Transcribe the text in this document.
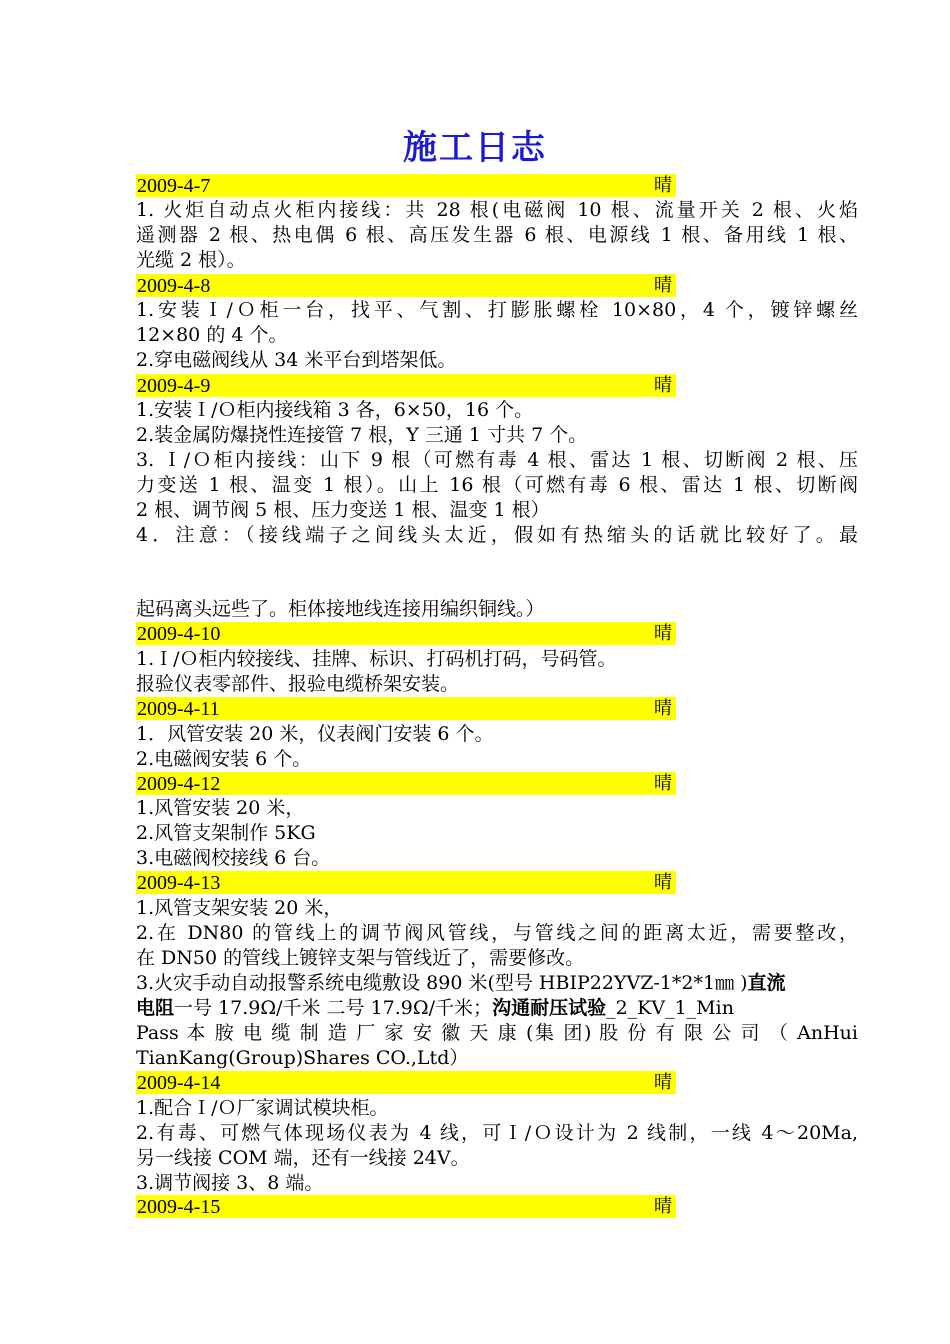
施工日志
2009-4-7	晴
1. 火炬自动点火柜内接线：共 28 根(电磁阀 10 根、流量开关 2 根、火焰
遥测器 2 根、热电偶 6 根、高压发生器 6 根、电源线 1 根、备用线 1 根、
光缆 2 根）。
2009-4-8	晴
1.安装Ｉ/Ｏ柜一台，找平、气割、打膨胀螺栓 10×80，4 个，镀锌螺丝
12×80 的 4 个。
2.穿电磁阀线从 34 米平台到塔架低。
2009-4-9	晴
1.安装Ｉ/Ｏ柜内接线箱 3 各，6×50，16 个。
2.装金属防爆挠性连接管 7 根，Y 三通 1 寸共 7 个。
3. Ｉ/Ｏ柜内接线：山下 9 根（可燃有毒 4 根、雷达 1 根、切断阀 2 根、压
力变送 1 根、温变 1 根）。山上 16 根（可燃有毒 6 根、雷达 1 根、切断阀
2 根、调节阀 5 根、压力变送 1 根、温变 1 根）
4．注意：（接线端子之间线头太近，假如有热缩头的话就比较好了。最
起码离头远些了。柜体接地线连接用编织铜线。）
2009-4-10	晴
1.Ｉ/Ｏ柜内较接线、挂牌、标识、打码机打码，号码管。
报验仪表零部件、报验电缆桥架安装。
2009-4-11	晴
1．风管安装 20 米，仪表阀门安装 6 个。
2.电磁阀安装 6 个。
2009-4-12	晴
1.风管安装 20 米，
2.风管支架制作 5KG
3.电磁阀校接线 6 台。
2009-4-13	晴
1.风管支架安装 20 米，
2.在 DN80 的管线上的调节阀风管线，与管线之间的距离太近，需要整改，
在 DN50 的管线上镀锌支架与管线近了，需要修改。
3.火灾手动自动报警系统电缆敷设 890 米(型号 HBIP22YVZ-1*2*1㎜ )直流
电阻一号 17.9Ω/千米 二号 17.9Ω/千米；沟通耐压试验_2_KV_1_Min
Pass 本 胺 电 缆 制 造 厂 家 安 徽 天 康 (集 团) 股 份 有 限 公 司 （ AnHui
TianKang(Group)Shares CO.,Ltd）
2009-4-14	晴
1.配合Ｉ/Ｏ厂家调试模块柜。
2.有毒、可燃气体现场仪表为 4 线，可Ｉ/Ｏ设计为 2 线制，一线 4～20Ma,
另一线接 COM 端，还有一线接 24V。
3.调节阀接 3、8 端。
2009-4-15	晴
